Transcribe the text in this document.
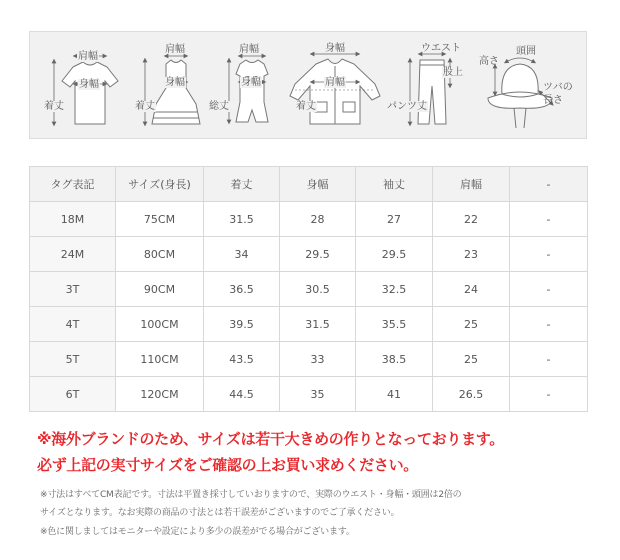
肩幅
身幅
着丈
肩幅
身幅
着丈
肩幅
身幅
総丈
身幅
肩幅
着丈
ウエスト
股上
パンツ丈
高さ
頭囲
ツバの
長さ
タグ表記	サイズ(身長)	着丈	身幅	袖丈	肩幅	-
18M	75CM	31.5	28	27	22	-
24M	80CM	34	29.5	29.5	23	-
3T	90CM	36.5	30.5	32.5	24	-
4T	100CM	39.5	31.5	35.5	25	-
5T	110CM	43.5	33	38.5	25	-
6T	120CM	44.5	35	41	26.5	-
※海外ブランドのため、サイズは若干大きめの作りとなっております。
必ず上記の実寸サイズをご確認の上お買い求めください。
※寸法はすべてCM表記です。寸法は平置き採寸していおりますので、実際のウエスト・身幅・頭囲は2倍の
サイズとなります。なお実際の商品の寸法とは若干誤差がございますのでご了承ください。
※色に関しましてはモニターや設定により多少の誤差がでる場合がございます。
